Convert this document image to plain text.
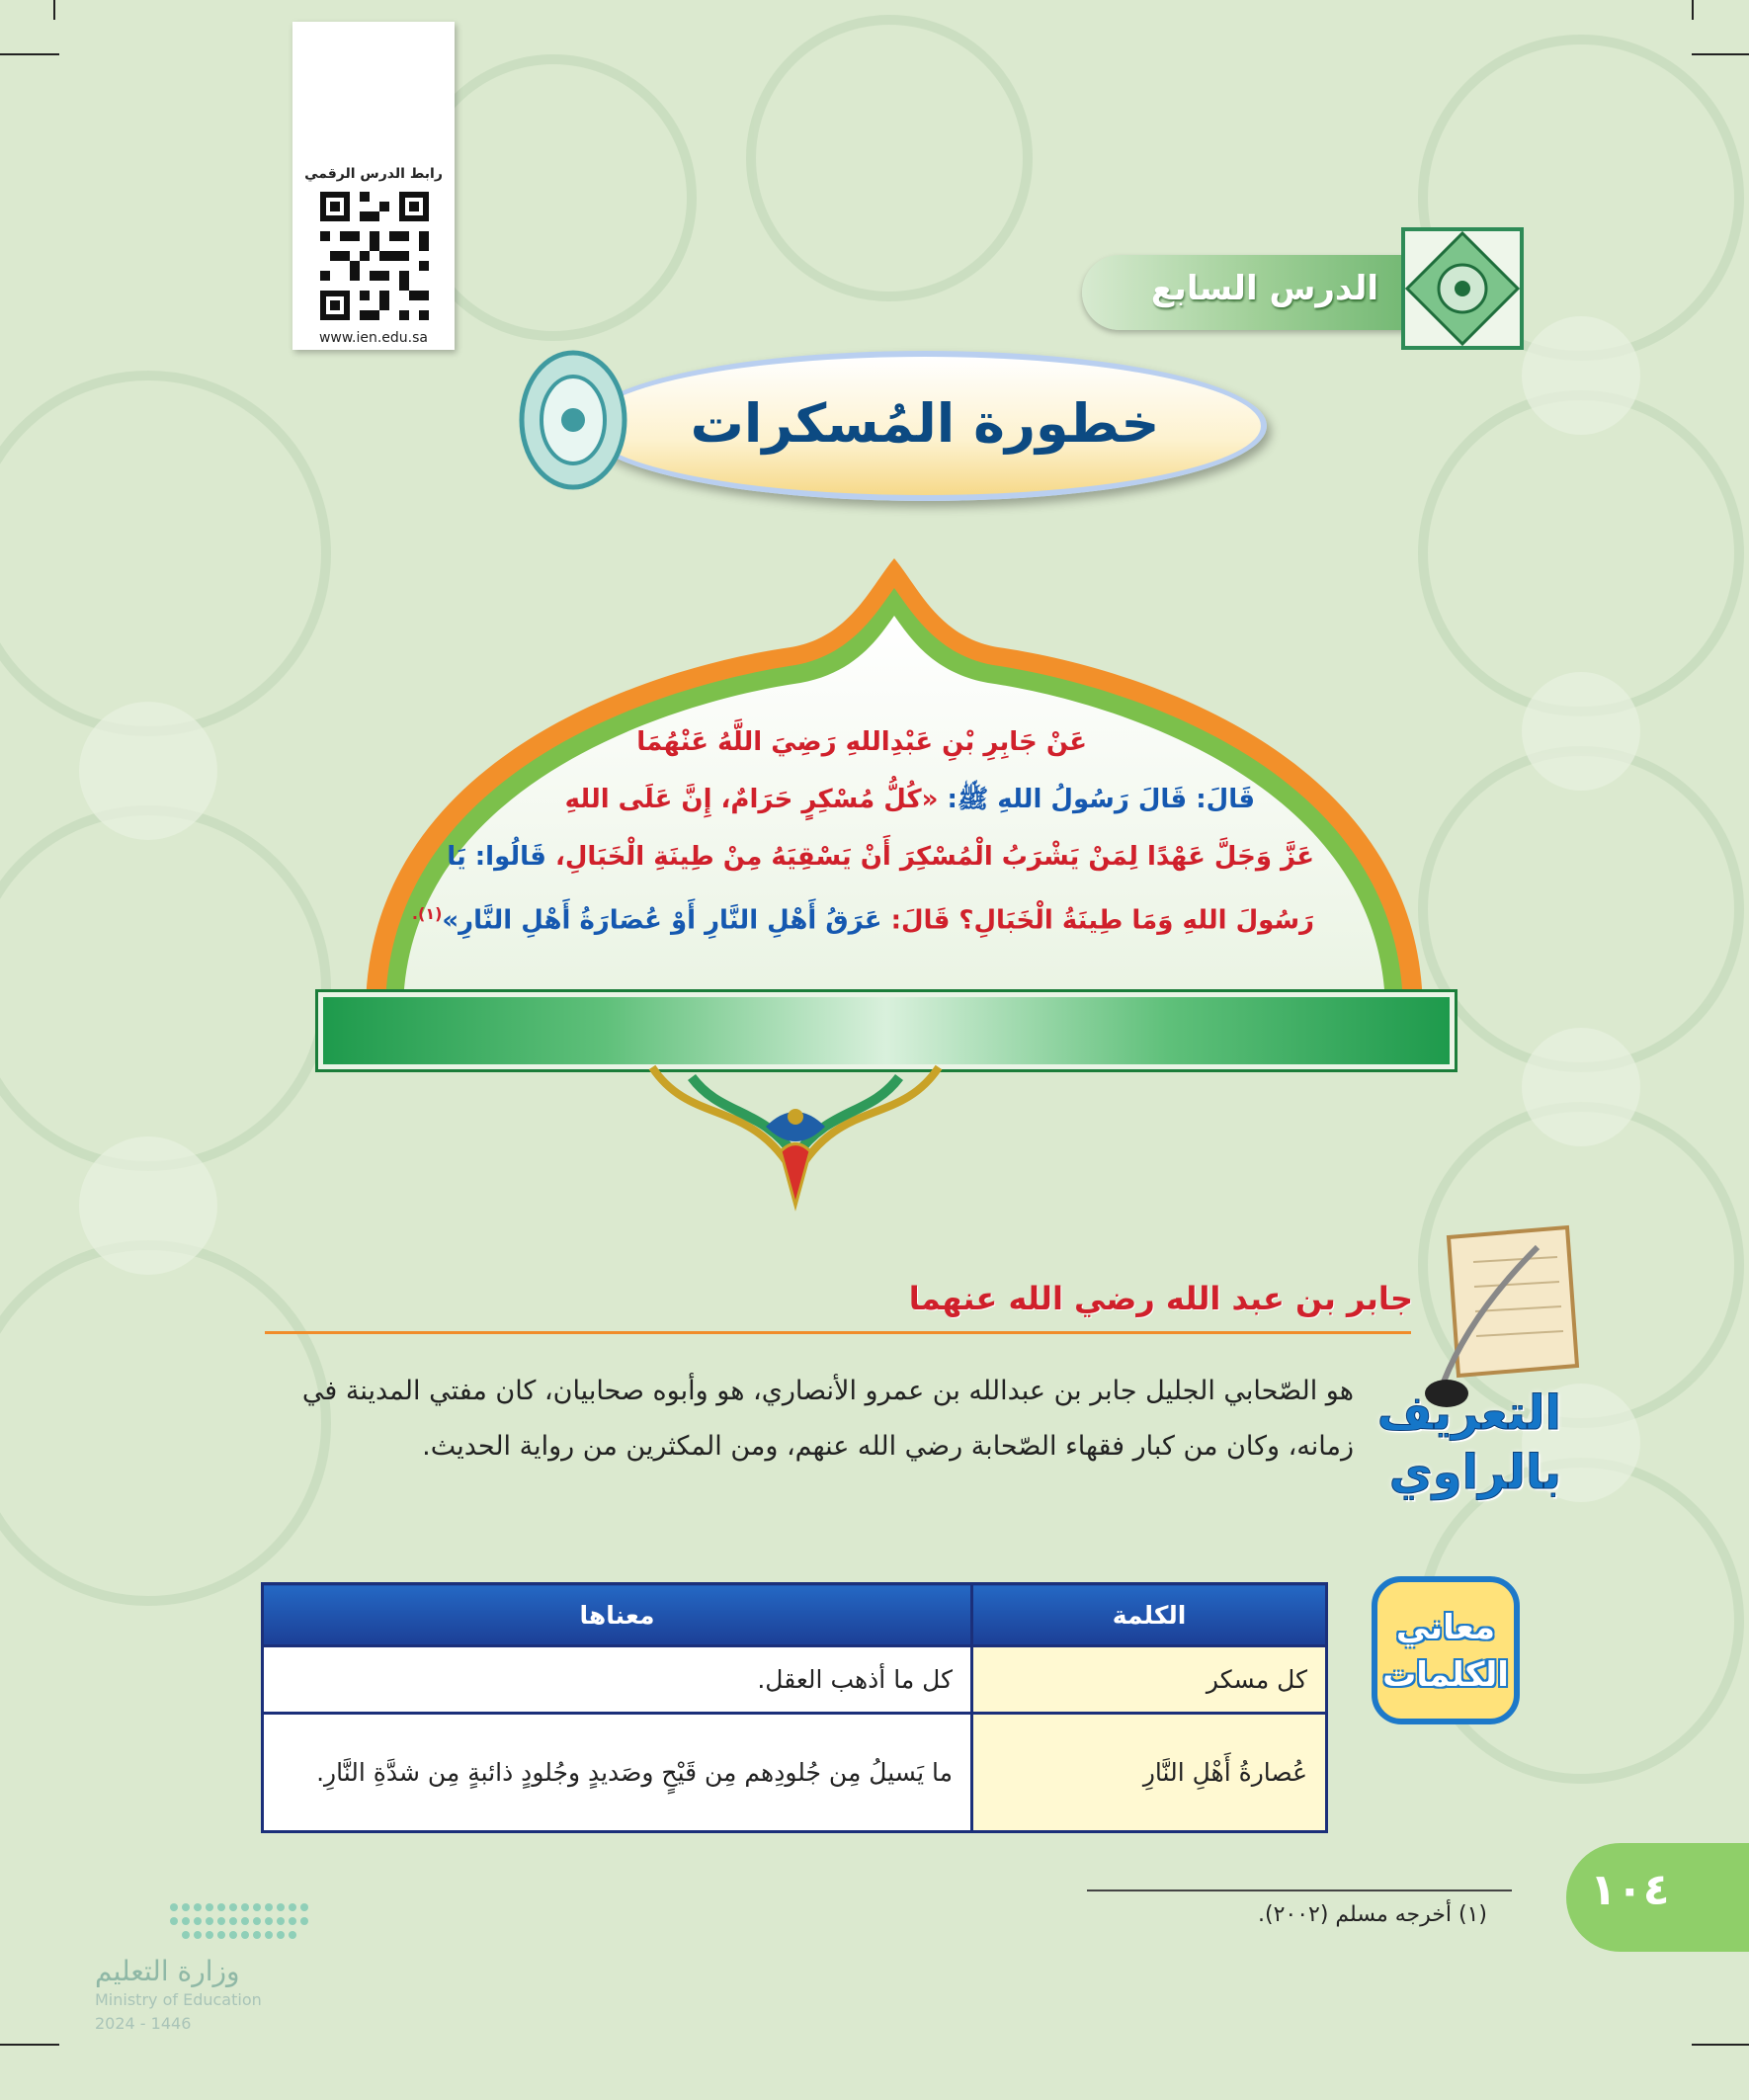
رابط الدرس الرقمي
www.ien.edu.sa
الدرس السابع
خطورة المُسكرات
عَنْ جَابِرِ بْنِ عَبْدِاللهِ رَضِيَ اللَّهُ عَنْهُمَا
قَالَ: قَالَ رَسُولُ اللهِ ﷺ: «كُلُّ مُسْكِرٍ حَرَامٌ، إِنَّ عَلَى اللهِ
عَزَّ وَجَلَّ عَهْدًا لِمَنْ يَشْرَبُ الْمُسْكِرَ أَنْ يَسْقِيَهُ مِنْ طِينَةِ الْخَبَالِ، قَالُوا: يَا
رَسُولَ اللهِ وَمَا طِينَةُ الْخَبَالِ؟ قَالَ: عَرَقُ أَهْلِ النَّارِ أَوْ عُصَارَةُ أَهْلِ النَّارِ»$^{(١).}$
جابر بن عبد الله رضي الله عنهما
التعريف
بالراوي
هو الصّحابي الجليل جابر بن عبدالله بن عمرو الأنصاري، هو وأبوه صحابيان، كان مفتي المدينة في زمانه، وكان من كبار فقهاء الصّحابة رضي الله عنهم، ومن المكثرين من رواية الحديث.
معاني
الكلمات
الكلمة	معناها
كل مسكر	كل ما أذهب العقل.
عُصارةُ أَهْلِ النَّارِ	ما يَسيلُ مِن جُلودِهم مِن قَيْحٍ وصَديدٍ وجُلودٍ ذائبةٍ مِن شدَّةِ النَّارِ.
١٠٤
(١) أخرجه مسلم (٢٠٠٢).
وزارة التعليم
Ministry of Education
2024 - 1446
